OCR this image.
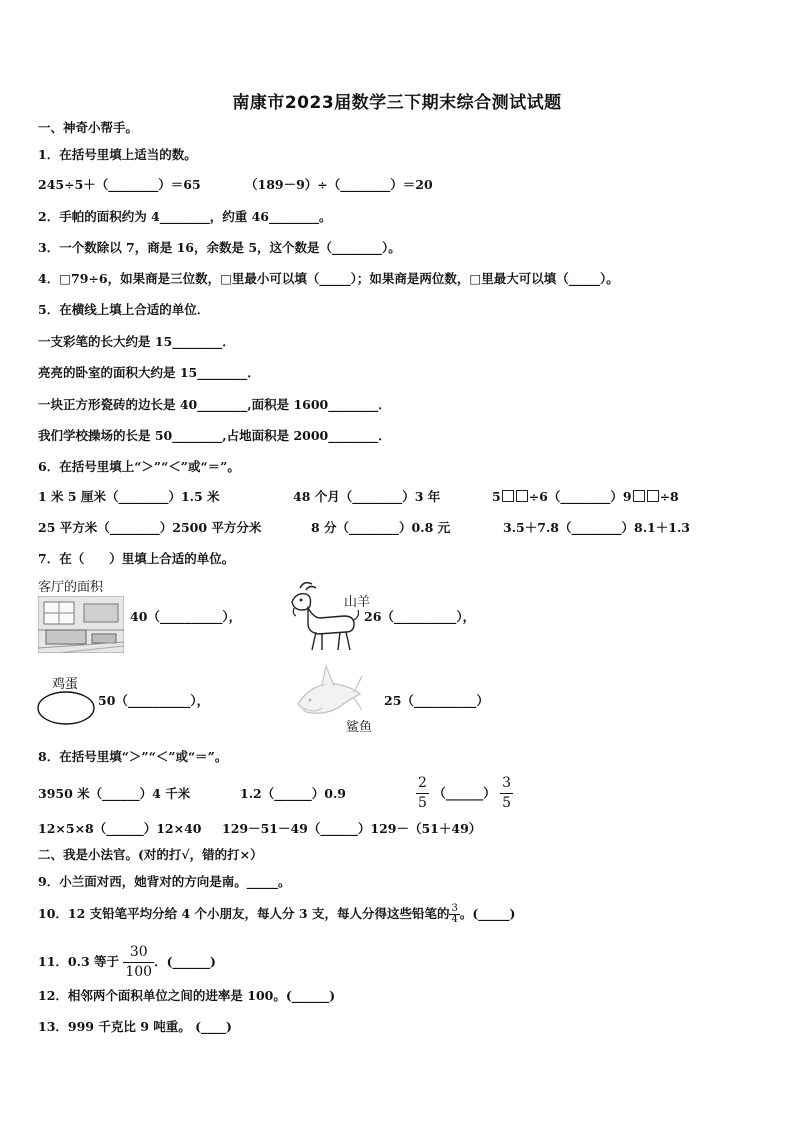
南康市2023届数学三下期末综合测试试题
一、神奇小帮手。
1．在括号里填上适当的数。
245÷5＋（________）＝65	（189－9）÷（________）＝20
2．手帕的面积约为 4________，约重 46________。
3．一个数除以 7，商是 16，余数是 5，这个数是（________）。
4．□79÷6，如果商是三位数，□里最小可以填（_____）；如果商是两位数，□里最大可以填（_____）。
5．在横线上填上合适的单位．
一支彩笔的长大约是 15________．
亮亮的卧室的面积大约是 15________．
一块正方形瓷砖的边长是 40________,面积是 1600________．
我们学校操场的长是 50________,占地面积是 2000________．
6．在括号里填上“＞”“＜”或“＝”。
1 米 5 厘米（________）1.5 米	48 个月（________）3 年	5 ÷6（________）9 ÷8
25 平方米（________）2500 平方分米	8 分（________）0.8 元	3.5＋7.8（________）8.1＋1.3
7．在（　　）里填上合适的单位。
客厅的面积
40（__________），
山羊
26（__________），
鸡蛋
50（__________），
鲨鱼
25（__________）
8．在括号里填“＞”“＜”或“＝”。
3950 米（______）4 千米	1.2（______）0.9	$\frac{2}{5}$ （______） $\frac{3}{5}$
12×5×8（______）12×40 129－51－49（______）129－（51＋49）
二、我是小法官。(对的打√，错的打×）
9．小兰面对西，她背对的方向是南。_____。
10．12 支铅笔平均分给 4 个小朋友，每人分 3 支，每人分得这些铅笔的 $\frac{3}{4}$ 。(_____)
11．0.3 等于 $\frac{30}{100}$ ．(______)
12．相邻两个面积单位之间的进率是 100。(______)
13．999 千克比 9 吨重。 (____)
